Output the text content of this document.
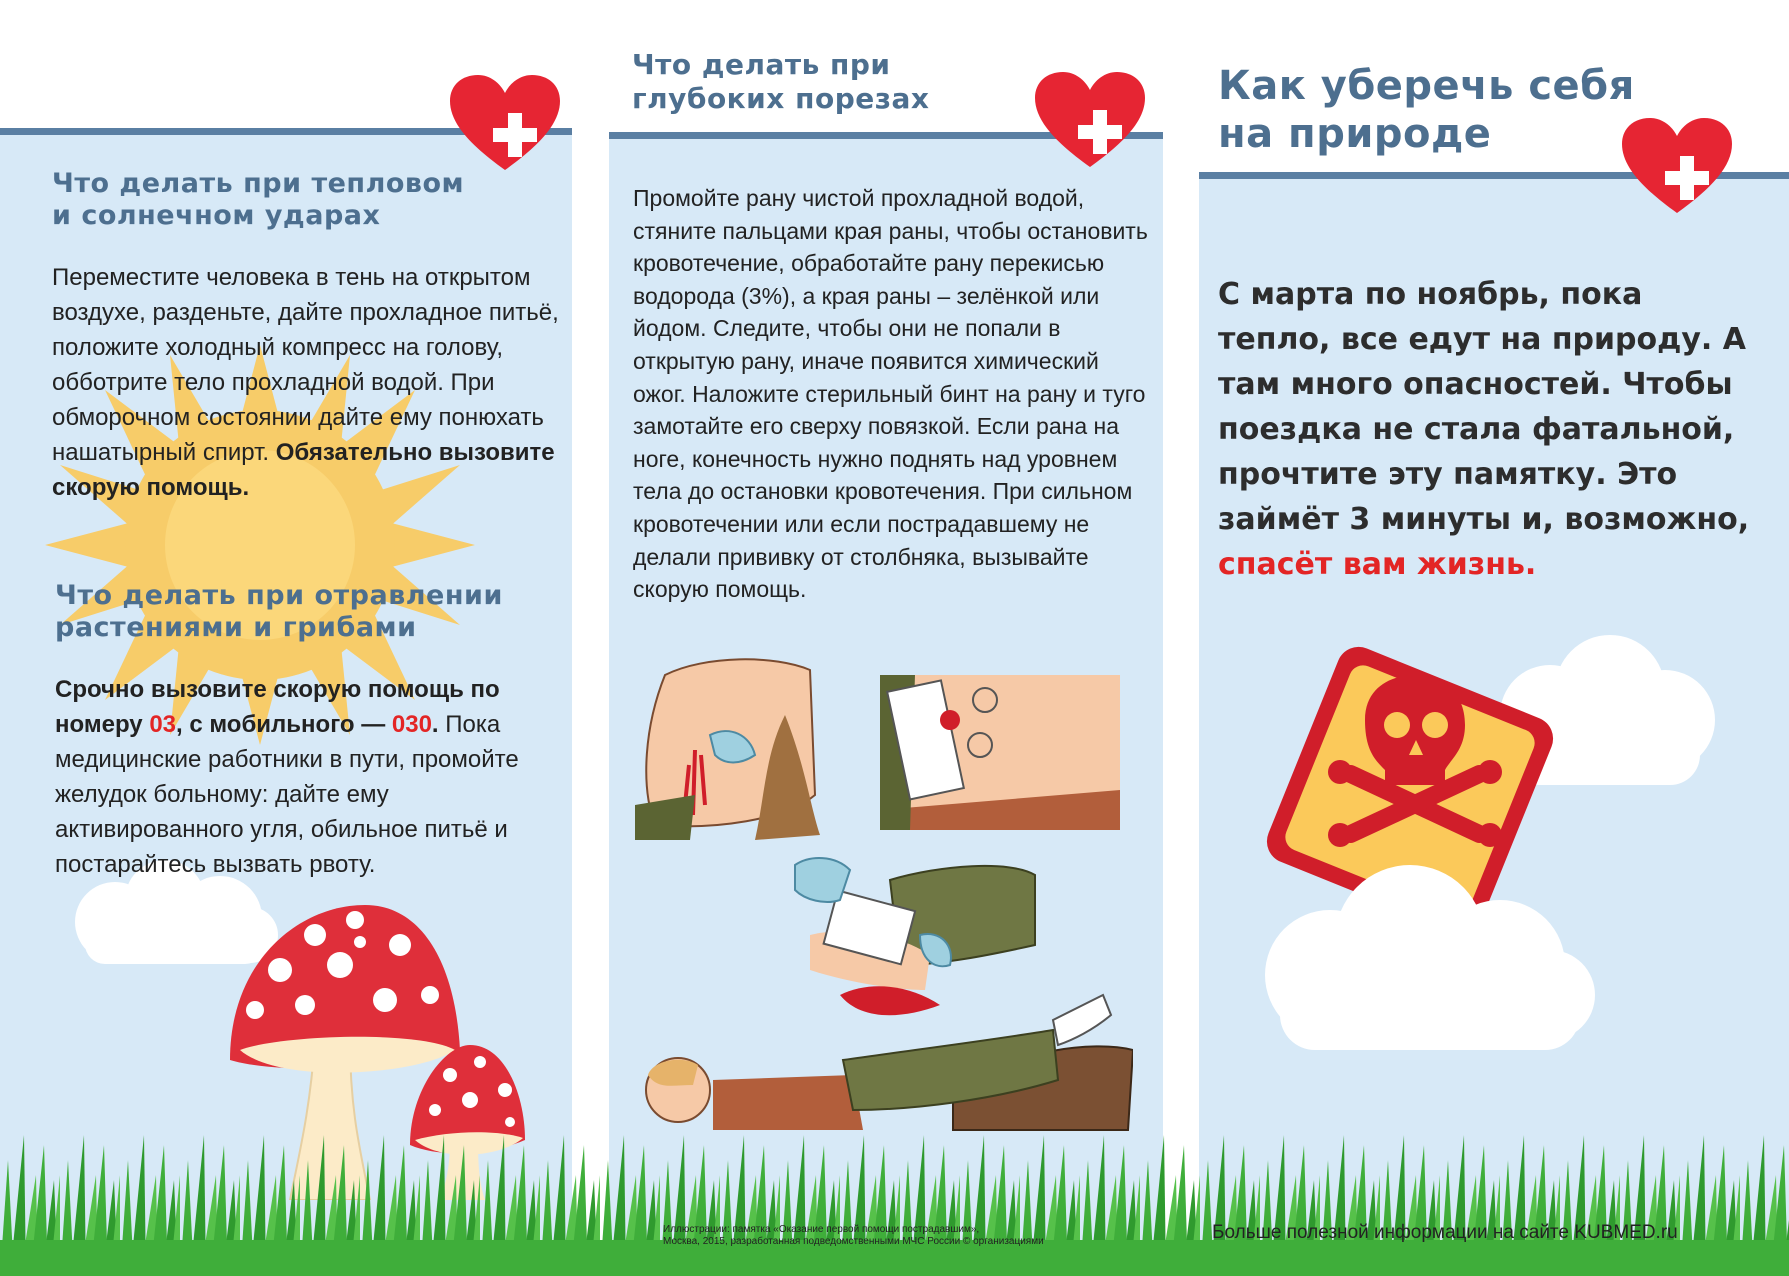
Что делать при тепловом
и солнечном ударах

Переместите человека в тень на открытом воздухе, разденьте, дайте прохладное питьё, положите холодный компресс на голову, обботрите тело прохладной водой. При обморочном состоянии дайте ему понюхать нашатырный спирт. Обязательно вызовите скорую помощь.

Что делать при отравлении
растениями и грибами

Срочно вызовите скорую помощь по номеру 03, с мобильного — 030. Пока медицинские работники в пути, промойте желудок больному: дайте ему активированного угля, обильное питьё и постарайтесь вызвать рвоту.

Что делать при
глубоких порезах

Промойте рану чистой прохладной водой, стяните пальцами края раны, чтобы остановить кровотечение, обработайте рану перекисью водорода (3%), а края раны – зелёнкой или йодом. Следите, чтобы они не попали в открытую рану, иначе появится химический ожог. Наложите стерильный бинт на рану и туго замотайте его сверху повязкой. Если рана на ноге, конечность нужно поднять над уровнем тела до остановки кровотечения. При сильном кровотечении или если пострадавшему не делали прививку от столбняка, вызывайте скорую помощь.

Как уберечь себя
на природе

С марта по ноябрь, пока тепло, все едут на природу. А там много опасностей. Чтобы поездка не стала фатальной, прочтите эту памятку. Это займёт 3 минуты и, возможно, спасёт вам жизнь.

Иллюстрации: памятка «Оказание первой помощи пострадавшим»,
Москва, 2015, разработанная подведомственными МЧС России © организациями	Больше полезной информации на сайте KUBMED.ru
